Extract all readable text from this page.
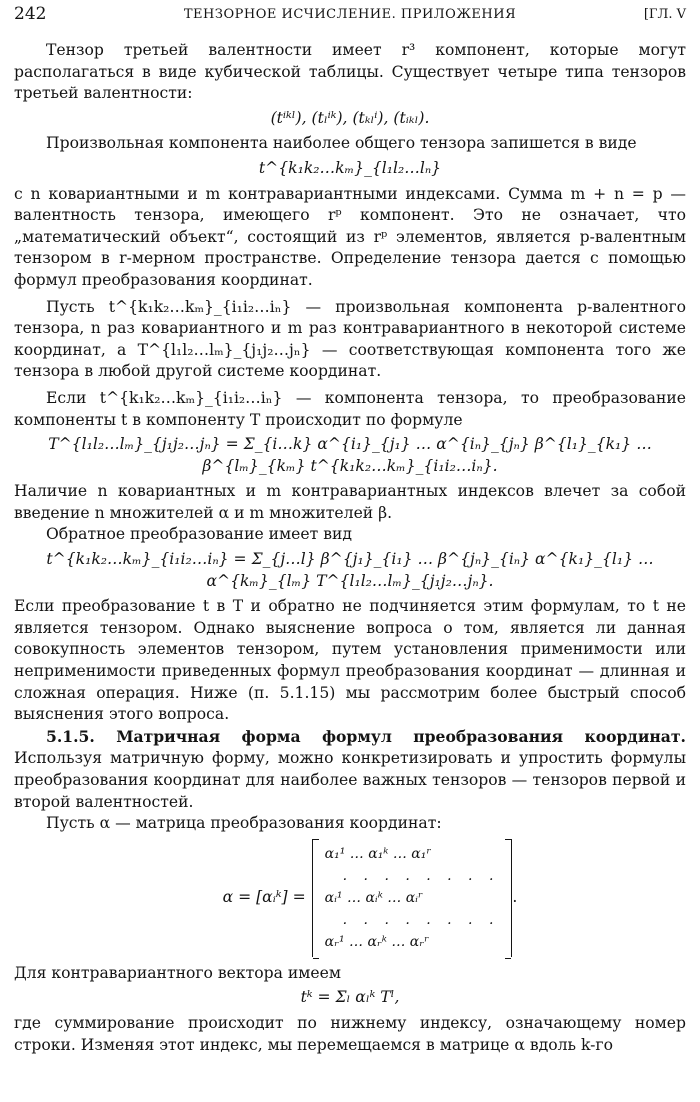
242	ТЕНЗОРНОЕ ИСЧИСЛЕНИЕ. ПРИЛОЖЕНИЯ	[ГЛ. V

Тензор третьей валентности имеет r³ компонент, которые могут располагаться в виде кубической таблицы. Существует четыре типа тензоров третьей валентности:

(tⁱᵏˡ), (tₗⁱᵏ), (tₖₗⁱ), (tᵢₖₗ).

Произвольная компонента наиболее общего тензора запишется в виде

t^{k₁k₂…kₘ}_{l₁l₂…lₙ}

с n ковариантными и m контравариантными индексами. Сумма m + n = p — валентность тензора, имеющего rᵖ компонент. Это не означает, что „математический объект“, состоящий из rᵖ элементов, является p-валентным тензором в r-мерном пространстве. Определение тензора дается с помощью формул преобразования координат.

Пусть t^{k₁k₂…kₘ}_{i₁i₂…iₙ} — произвольная компонента p-валентного тензора, n раз ковариантного и m раз контравариантного в некоторой системе координат, а T^{l₁l₂…lₘ}_{j₁j₂…jₙ} — соответствующая компонента того же тензора в любой другой системе координат.

Если t^{k₁k₂…kₘ}_{i₁i₂…iₙ} — компонента тензора, то преобразование компоненты t в компоненту T происходит по формуле

T^{l₁l₂…lₘ}_{j₁j₂…jₙ} = Σ_{i…k} α^{i₁}_{j₁} … α^{iₙ}_{jₙ} β^{l₁}_{k₁} … β^{lₘ}_{kₘ} t^{k₁k₂…kₘ}_{i₁i₂…iₙ}.

Наличие n ковариантных и m контравариантных индексов влечет за собой введение n множителей α и m множителей β.

Обратное преобразование имеет вид

t^{k₁k₂…kₘ}_{i₁i₂…iₙ} = Σ_{j…l} β^{j₁}_{i₁} … β^{jₙ}_{iₙ} α^{k₁}_{l₁} … α^{kₘ}_{lₘ} T^{l₁l₂…lₘ}_{j₁j₂…jₙ}.

Если преобразование t в T и обратно не подчиняется этим формулам, то t не является тензором. Однако выяснение вопроса о том, является ли данная совокупность элементов тензором, путем установления применимости или неприменимости приведенных формул преобразования координат — длинная и сложная операция. Ниже (п. 5.1.15) мы рассмотрим более быстрый способ выяснения этого вопроса.

5.1.5. Матричная форма формул преобразования координат. Используя матричную форму, можно конкретизировать и упростить формулы преобразования координат для наиболее важных тензоров — тензоров первой и второй валентностей.

Пусть α — матрица преобразования координат:

α = [αᵢᵏ] =
α₁¹ … α₁ᵏ … α₁ʳ
. . . . . . . .
αᵢ¹ … αᵢᵏ … αᵢʳ
. . . . . . . .
αᵣ¹ … αᵣᵏ … αᵣʳ
.

Для контравариантного вектора имеем

tᵏ = Σₗ αₗᵏ Tˡ,

где суммирование происходит по нижнему индексу, означающему номер строки. Изменяя этот индекс, мы перемещаемся в матрице α вдоль k-го
